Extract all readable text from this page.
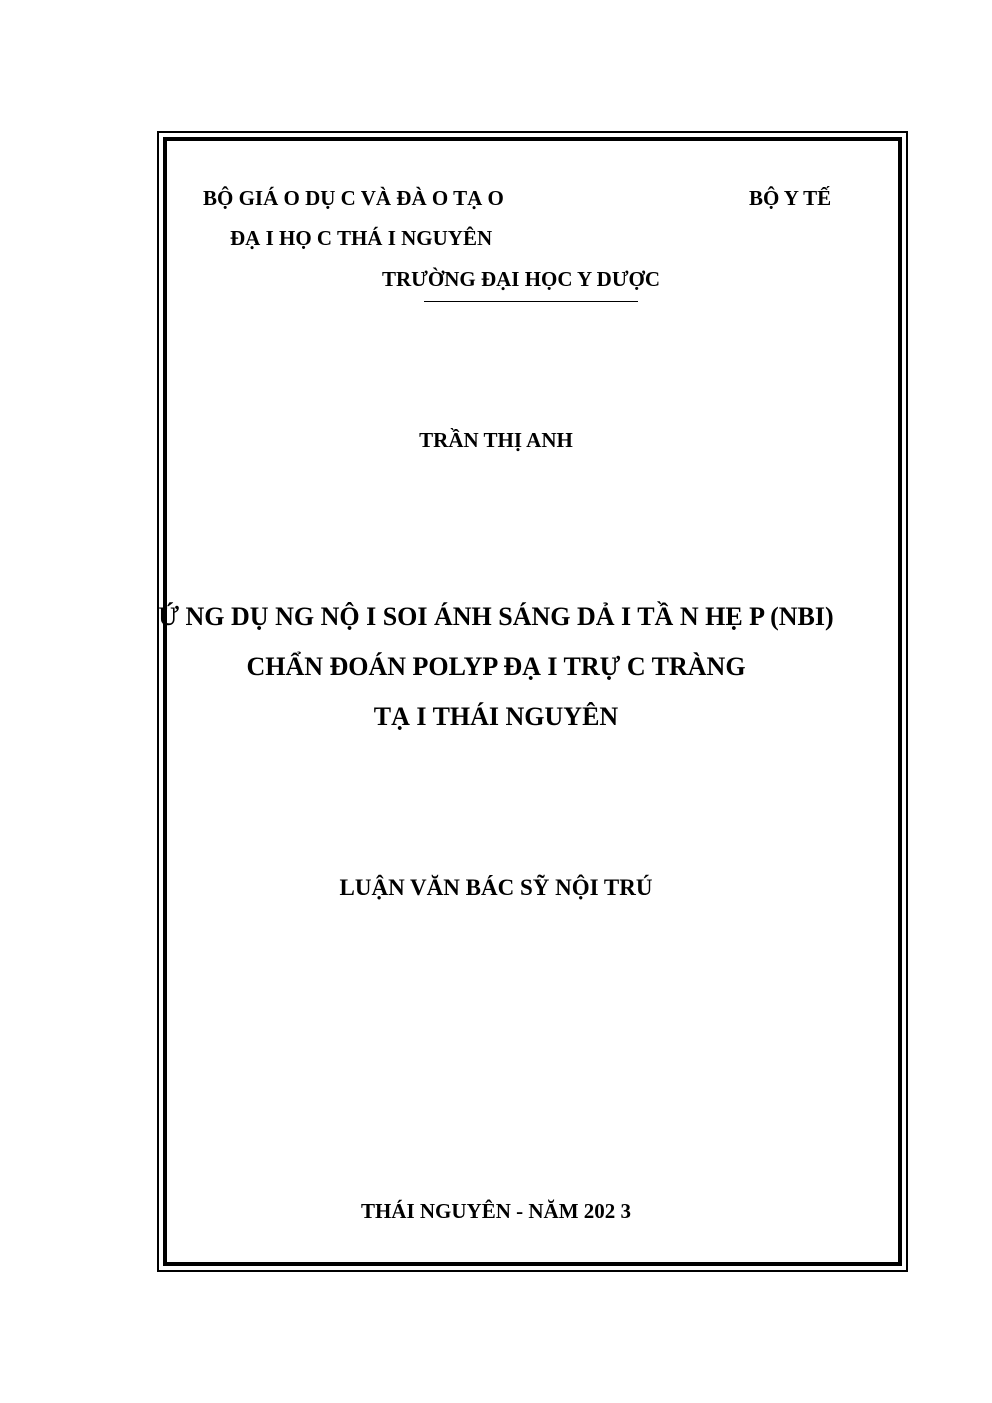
BỘ GIÁ O DỤ C VÀ ĐÀ O TẠ O	BỘ Y TẾ
ĐẠ I HỌ C THÁ I NGUYÊN
TRƯỜNG ĐẠI HỌC Y DƯỢC
TRẦN THỊ ANH
Ứ NG DỤ NG NỘ I SOI ÁNH SÁNG DẢ I TẦ N HẸ P (NBI)
CHẨN ĐOÁN POLYP ĐẠ I TRỰ C TRÀNG
TẠ I THÁI NGUYÊN
LUẬN VĂN BÁC SỸ NỘI TRÚ
THÁI NGUYÊN - NĂM 202 3
